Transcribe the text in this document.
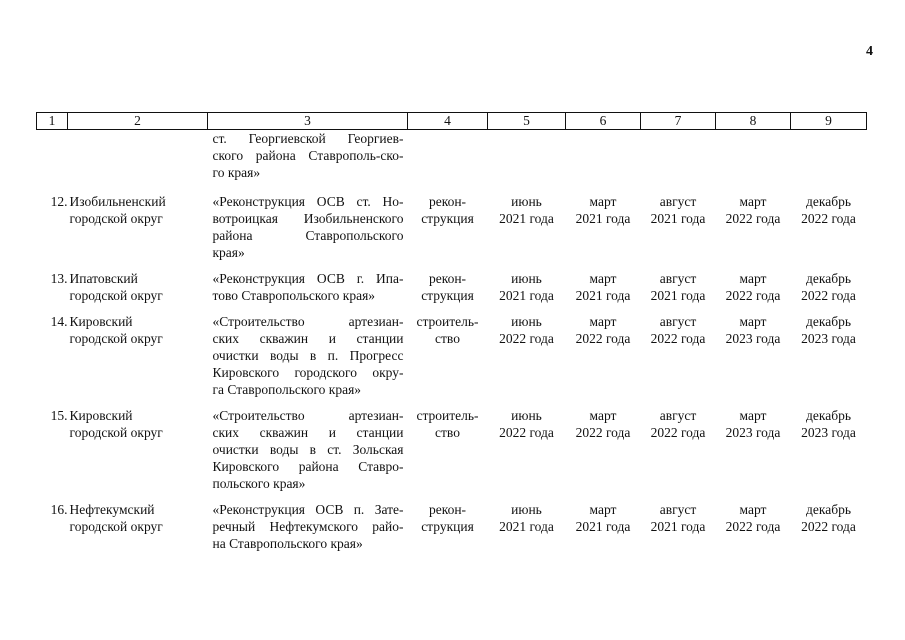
4
1	2	3	4	5	6	7	8	9

		ст. Георгиевской Георгиев-
ского района Ставрополь-ско-
го края»						

12.	Изобильненский
городской округ	«Реконструкция ОСВ ст. Но-
вотроицкая Изобильненского
района Ставропольского
края»	рекон-
струкция	июнь
2021 года	март
2021 года	август
2021 года	март
2022 года	декабрь
2022 года

13.	Ипатовский
городской округ	«Реконструкция ОСВ г. Ипа-
тово Ставропольского края»	рекон-
струкция	июнь
2021 года	март
2021 года	август
2021 года	март
2022 года	декабрь
2022 года

14.	Кировский
городской округ	«Строительство артезиан-
ских скважин и станции
очистки воды в п. Прогресс
Кировского городского окру-
га Ставропольского края»	строитель-
ство	июнь
2022 года	март
2022 года	август
2022 года	март
2023 года	декабрь
2023 года

15.	Кировский
городской округ	«Строительство артезиан-
ских скважин и станции
очистки воды в ст. Зольская
Кировского района Ставро-
польского края»	строитель-
ство	июнь
2022 года	март
2022 года	август
2022 года	март
2023 года	декабрь
2023 года

16.	Нефтекумский
городской округ	«Реконструкция ОСВ п. Зате-
речный Нефтекумского райо-
на Ставропольского края»	рекон-
струкция	июнь
2021 года	март
2021 года	август
2021 года	март
2022 года	декабрь
2022 года
